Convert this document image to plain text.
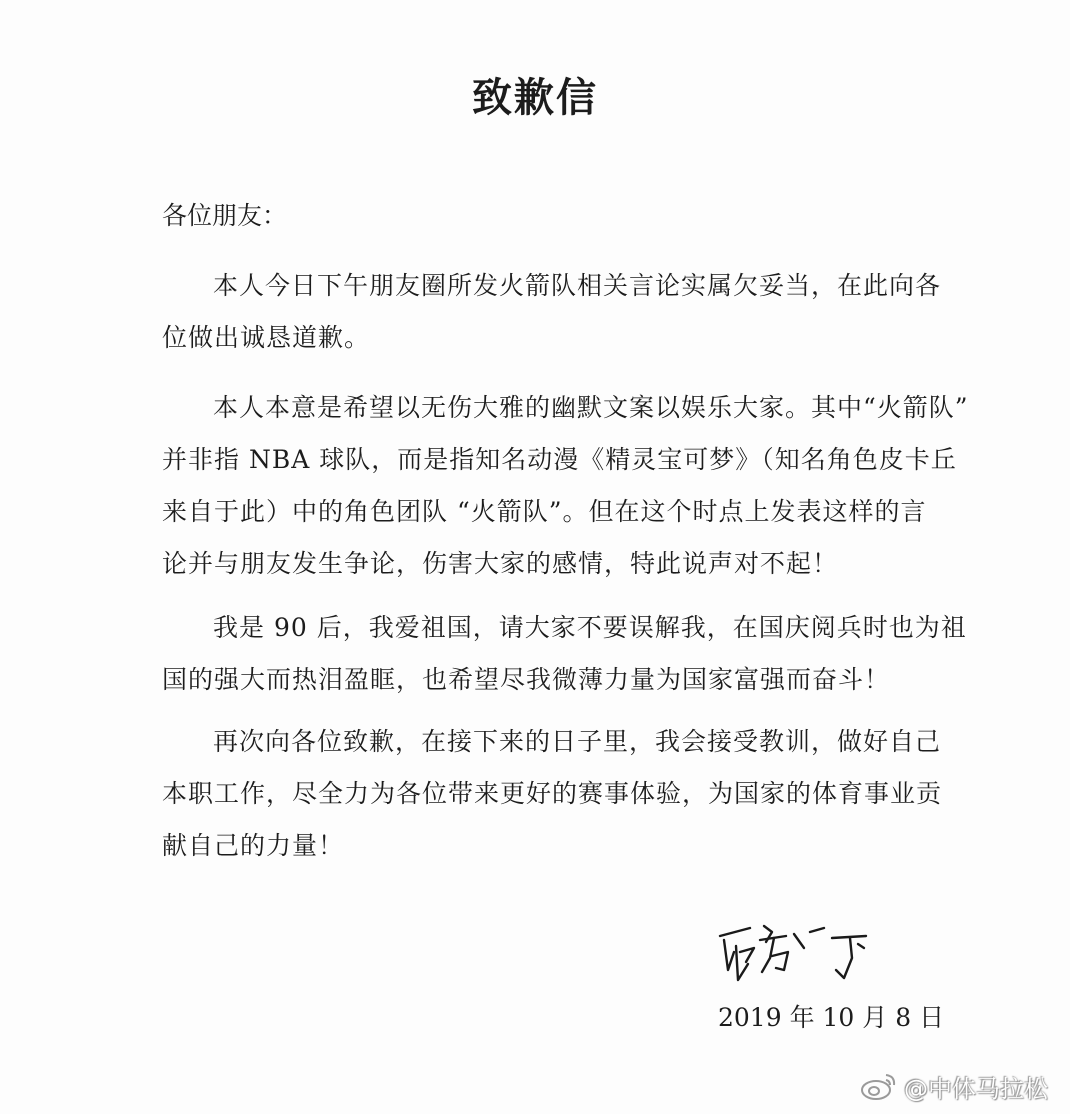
致歉信
各位朋友：
本人今日下午朋友圈所发火箭队相关言论实属欠妥当，在此向各
位做出诚恳道歉。
本人本意是希望以无伤大雅的幽默文案以娱乐大家。其中“火箭队”
并非指 NBA 球队，而是指知名动漫《精灵宝可梦》（知名角色皮卡丘
来自于此）中的角色团队 “火箭队”。但在这个时点上发表这样的言
论并与朋友发生争论，伤害大家的感情，特此说声对不起！
我是 90 后，我爱祖国，请大家不要误解我，在国庆阅兵时也为祖
国的强大而热泪盈眶，也希望尽我微薄力量为国家富强而奋斗！
再次向各位致歉，在接下来的日子里，我会接受教训，做好自己
本职工作，尽全力为各位带来更好的赛事体验，为国家的体育事业贡
献自己的力量！
2019 年 10 月 8 日
@中体马拉松
